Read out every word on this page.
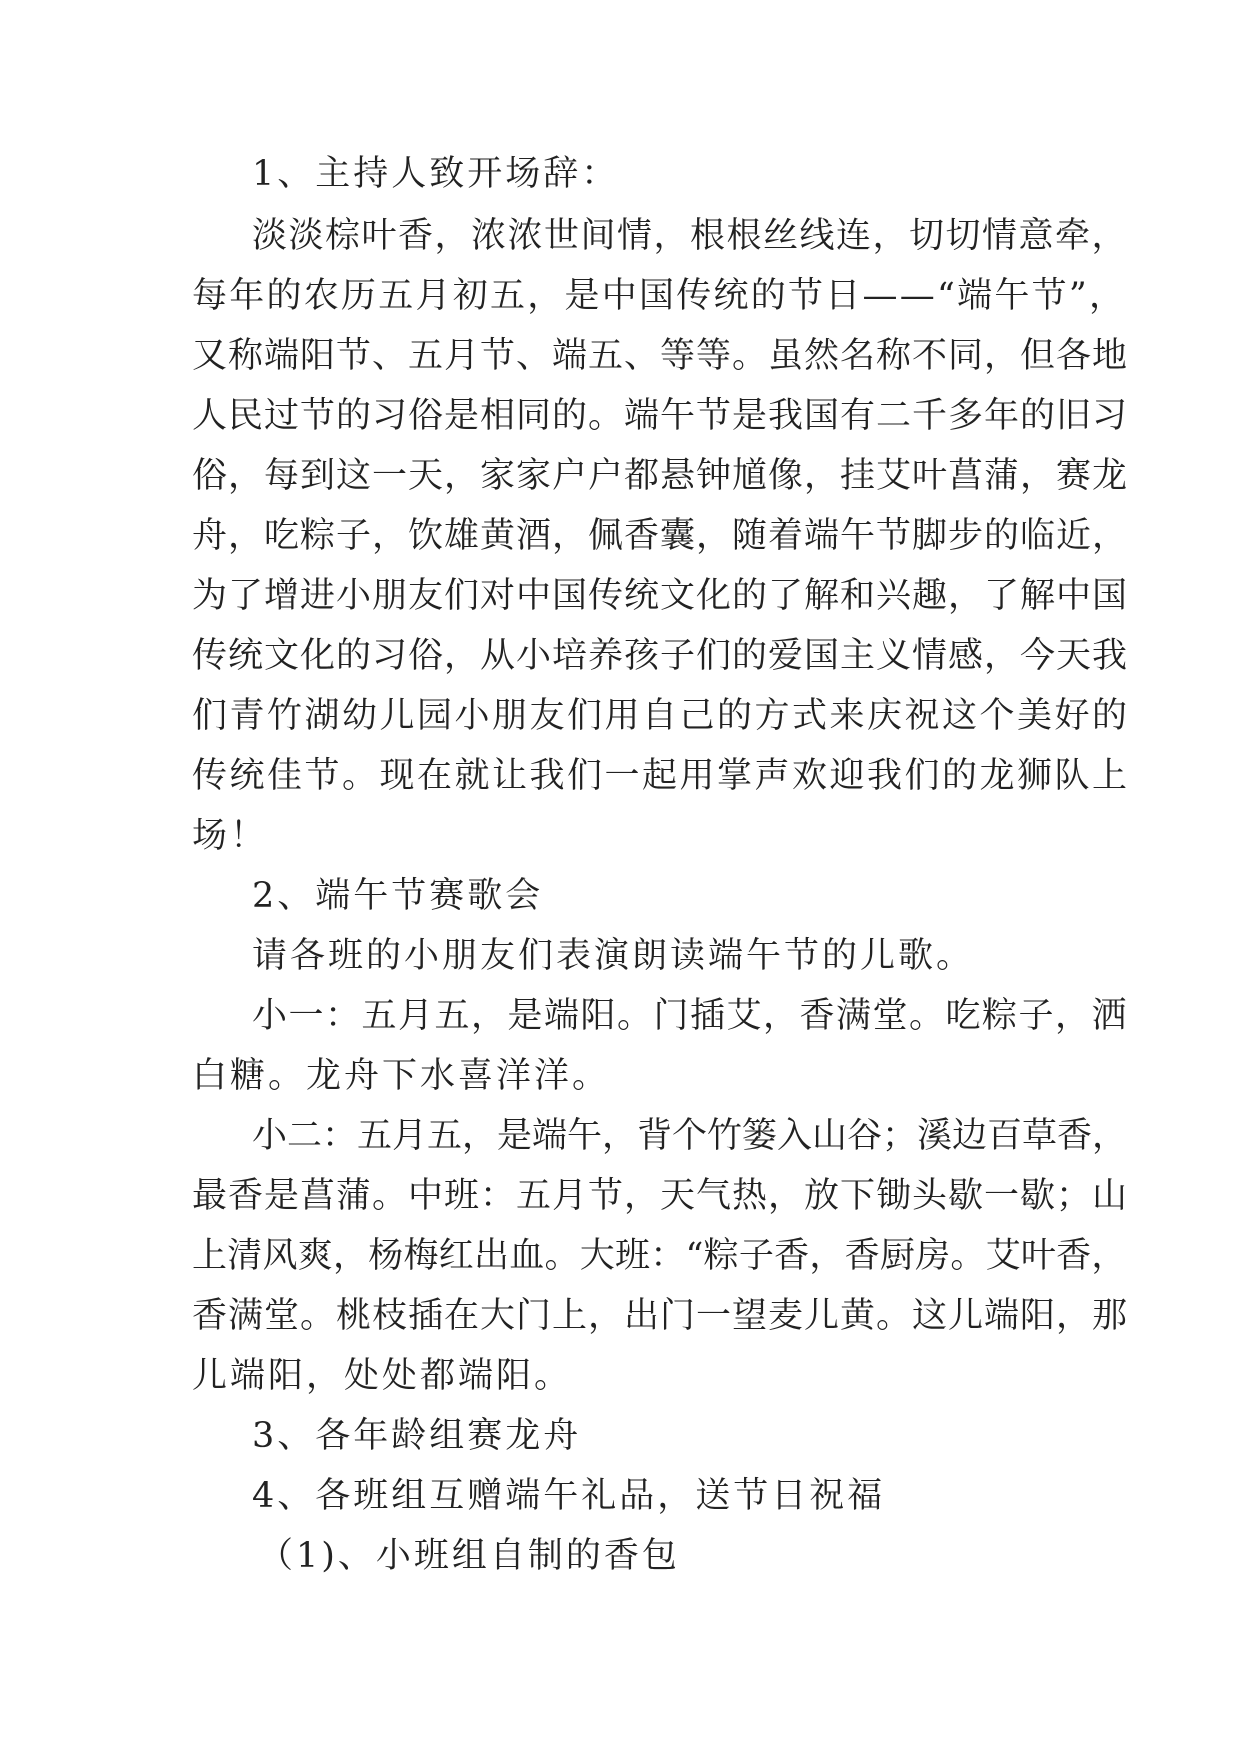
1、主持人致开场辞：

淡淡棕叶香，浓浓世间情，根根丝线连，切切情意牵，

每年的农历五月初五，是中国传统的节日——“端午节”，

又称端阳节、五月节、端五、等等。虽然名称不同，但各地

人民过节的习俗是相同的。端午节是我国有二千多年的旧习

俗，每到这一天，家家户户都悬钟馗像，挂艾叶菖蒲，赛龙

舟，吃粽子，饮雄黄酒，佩香囊，随着端午节脚步的临近，

为了增进小朋友们对中国传统文化的了解和兴趣，了解中国

传统文化的习俗，从小培养孩子们的爱国主义情感，今天我

们青竹湖幼儿园小朋友们用自己的方式来庆祝这个美好的

传统佳节。现在就让我们一起用掌声欢迎我们的龙狮队上

场！

2、端午节赛歌会

请各班的小朋友们表演朗读端午节的儿歌。

小一：五月五，是端阳。门插艾，香满堂。吃粽子，洒

白糖。龙舟下水喜洋洋。

小二：五月五，是端午，背个竹篓入山谷；溪边百草香，

最香是菖蒲。中班：五月节，天气热，放下锄头歇一歇；山

上清风爽，杨梅红出血。大班：“粽子香，香厨房。艾叶香，

香满堂。桃枝插在大门上，出门一望麦儿黄。这儿端阳，那

儿端阳，处处都端阳。

3、各年龄组赛龙舟

4、各班组互赠端午礼品，送节日祝福

（1)、小班组自制的香包
